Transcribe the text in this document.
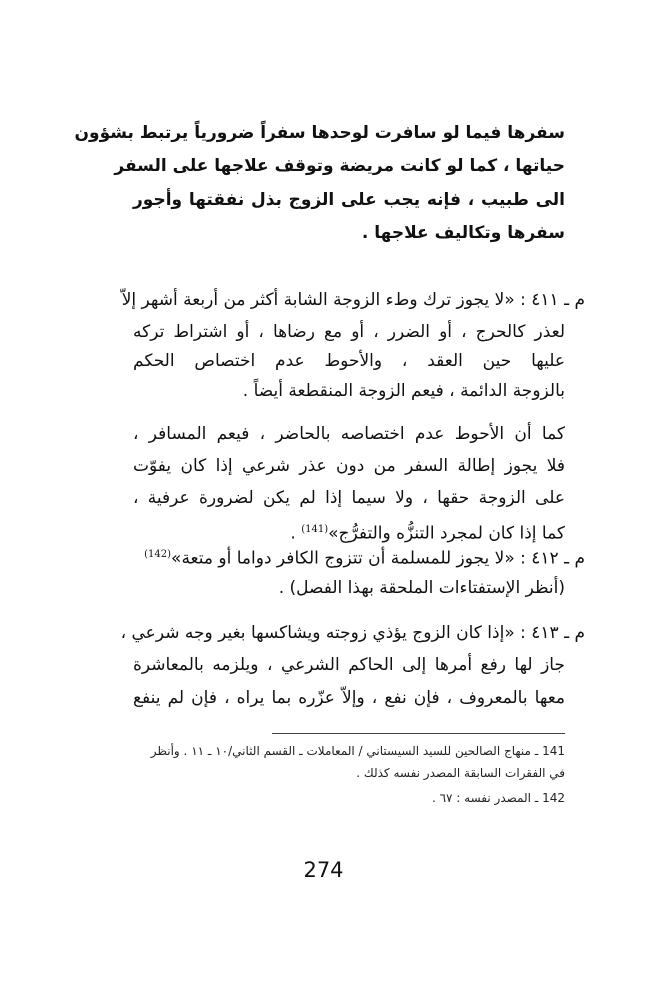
سفرها فيما لو سافرت لوحدها سفراً ضرورياً يرتبط بشؤون
حياتها ، كما لو كانت مريضة وتوقف علاجها على السفر
الى طبيب ، فإنه يجب على الزوج بذل نفقتها وأجور
سفرها وتكاليف علاجها .
م ـ ٤١١ : «لا يجوز ترك وطء الزوجة الشابة أكثر من أربعة أشهر إلاّ
لعذر كالحرج ، أو الضرر ، أو مع رضاها ، أو اشتراط تركه
عليها حين العقد ، والأحوط عدم اختصاص الحكم
بالزوجة الدائمة ، فيعم الزوجة المنقطعة أيضاً .
كما أن الأحوط عدم اختصاصه بالحاضر ، فيعم المسافر ،
فلا يجوز إطالة السفر من دون عذر شرعي إذا كان يفوّت
على الزوجة حقها ، ولا سيما إذا لم يكن لضرورة عرفية ،
كما إذا كان لمجرد التنزُّه والتفرُّج»$^{(141)}$ .
م ـ ٤١٢ : «لا يجوز للمسلمة أن تتزوج الكافر دواما أو متعة»$^{(142)}$
(أنظر الإستفتاءات الملحقة بهذا الفصل) .
م ـ ٤١٣ : «إذا كان الزوج يؤذي زوجته ويشاكسها بغير وجه شرعي ،
جاز لها رفع أمرها إلى الحاكم الشرعي ، ويلزمه بالمعاشرة
معها بالمعروف ، فإن نفع ، وإلاّ عزّره بما يراه ، فإن لم ينفع
141 ـ منهاج الصالحين للسيد السيستاني / المعاملات ـ القسم الثاني/١٠ ـ ١١ . وأنظر
في الفقرات السابقة المصدر نفسه كذلك .
142 ـ المصدر نفسه : ٦٧ .
274
